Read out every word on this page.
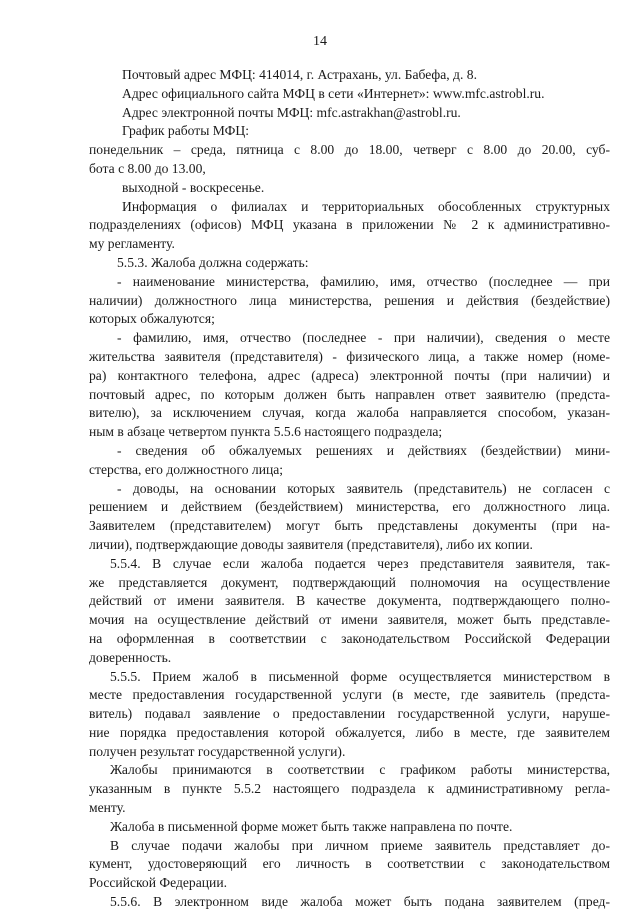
14
Почтовый адрес МФЦ: 414014, г. Астрахань, ул. Бабефа, д. 8.
Адрес официального сайта МФЦ в сети «Интернет»: www.mfc.astrobl.ru.
Адрес электронной почты МФЦ: mfc.astrakhan@astrobl.ru.
График работы МФЦ:
понедельник – среда, пятница с 8.00 до 18.00, четверг с 8.00 до 20.00, суб-
бота с 8.00 до 13.00,
выходной - воскресенье.
Информация о филиалах и территориальных обособленных структурных
подразделениях (офисов) МФЦ указана в приложении № 2 к административно-
му регламенту.
5.5.3. Жалоба должна содержать:
- наименование министерства, фамилию, имя, отчество (последнее — при
наличии) должностного лица министерства, решения и действия (бездействие)
которых обжалуются;
- фамилию, имя, отчество (последнее - при наличии), сведения о месте
жительства заявителя (представителя) - физического лица, а также номер (номе-
ра) контактного телефона, адрес (адреса) электронной почты (при наличии) и
почтовый адрес, по которым должен быть направлен ответ заявителю (предста-
вителю), за исключением случая, когда жалоба направляется способом, указан-
ным в абзаце четвертом пункта 5.5.6 настоящего подраздела;
- сведения об обжалуемых решениях и действиях (бездействии) мини-
стерства, его должностного лица;
- доводы, на основании которых заявитель (представитель) не согласен с
решением и действием (бездействием) министерства, его должностного лица.
Заявителем (представителем) могут быть представлены документы (при на-
личии), подтверждающие доводы заявителя (представителя), либо их копии.
5.5.4. В случае если жалоба подается через представителя заявителя, так-
же представляется документ, подтверждающий полномочия на осуществление
действий от имени заявителя. В качестве документа, подтверждающего полно-
мочия на осуществление действий от имени заявителя, может быть представле-
на оформленная в соответствии с законодательством Российской Федерации
доверенность.
5.5.5. Прием жалоб в письменной форме осуществляется министерством в
месте предоставления государственной услуги (в месте, где заявитель (предста-
витель) подавал заявление о предоставлении государственной услуги, наруше-
ние порядка предоставления которой обжалуется, либо в месте, где заявителем
получен результат государственной услуги).
Жалобы принимаются в соответствии с графиком работы министерства,
указанным в пункте 5.5.2 настоящего подраздела к административному регла-
менту.
Жалоба в письменной форме может быть также направлена по почте.
В случае подачи жалобы при личном приеме заявитель представляет до-
кумент, удостоверяющий его личность в соответствии с законодательством
Российской Федерации.
5.5.6. В электронном виде жалоба может быть подана заявителем (пред-
